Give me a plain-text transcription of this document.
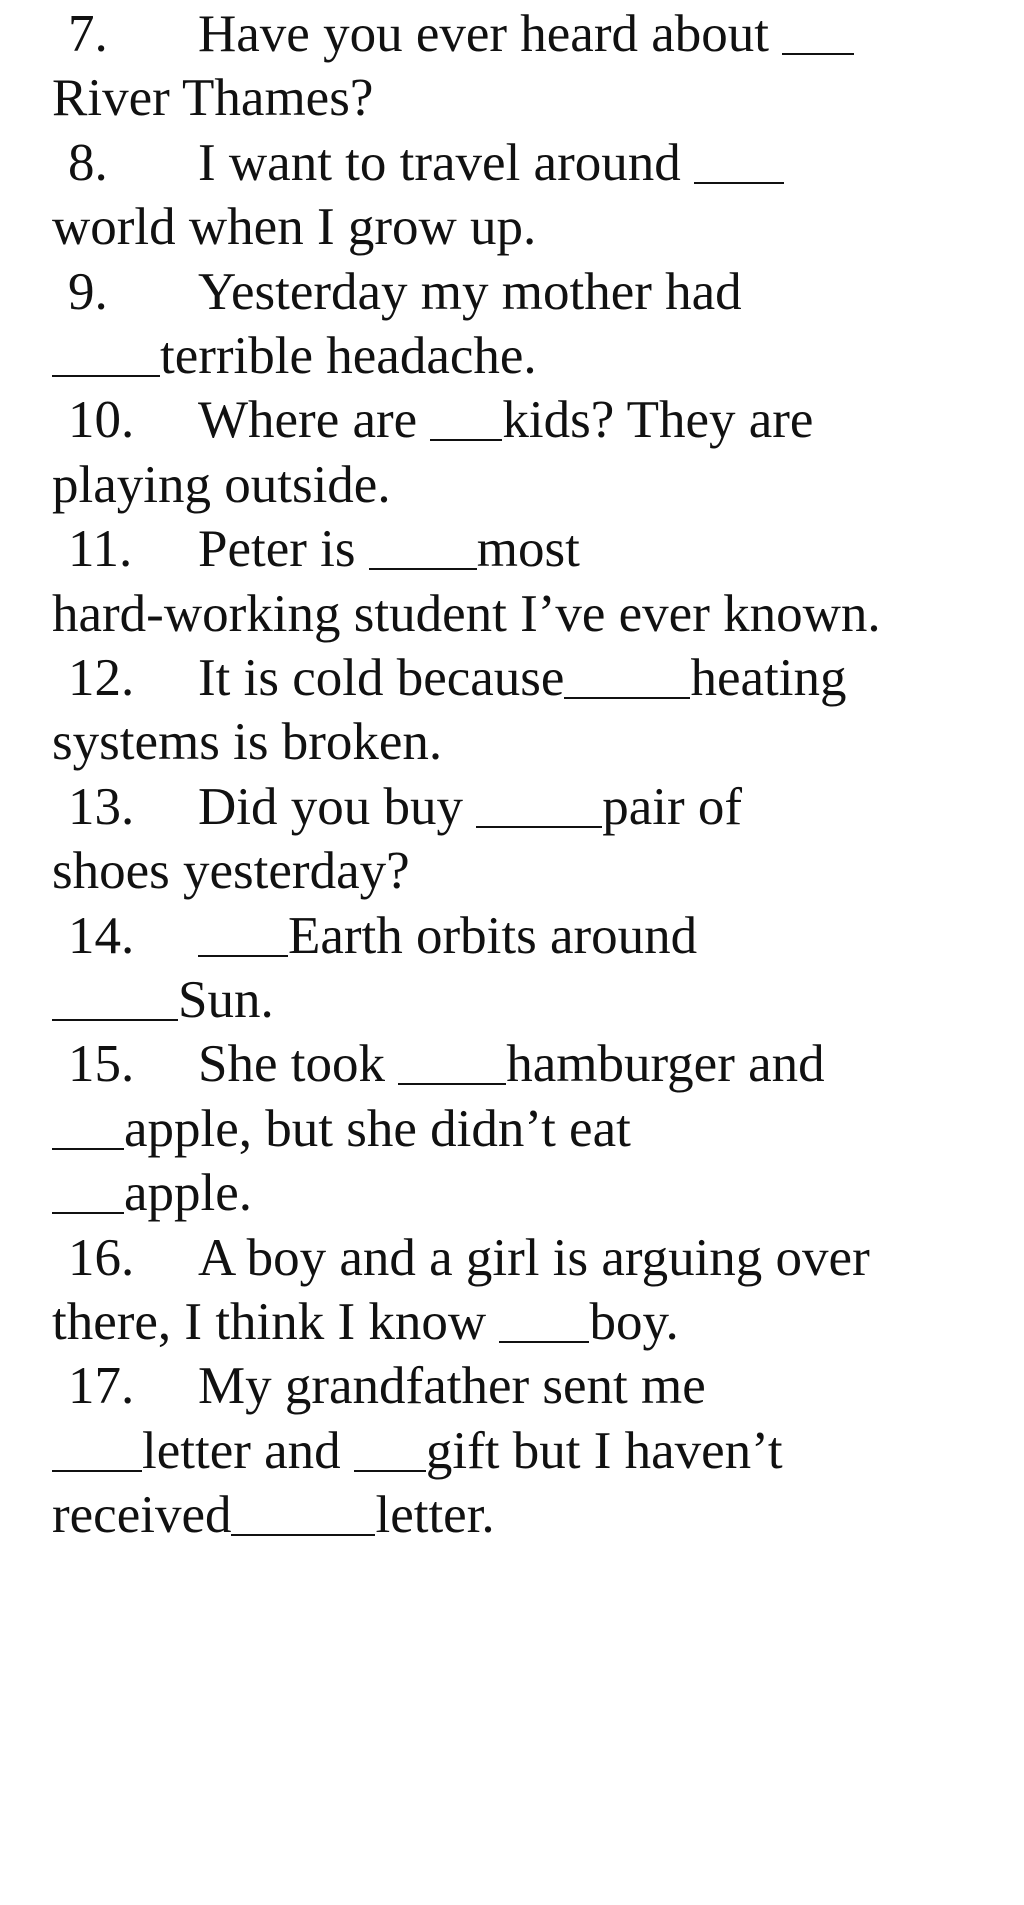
7. Have you ever heard about
River Thames?
8. I want to travel around
world when I grow up.
9. Yesterday my mother had
terrible headache.
10. Where are kids? They are
playing outside.
11. Peter is most
hard-working student I’ve ever known.
12. It is cold because heating
systems is broken.
13. Did you buy pair of
shoes yesterday?
14.	Earth orbits around
Sun.
15. She took hamburger and
apple, but she didn’t eat
apple.
16. A boy and a girl is arguing over
there, I think I know boy.
17. My grandfather sent me
letter and gift but I haven’t
received	letter.
